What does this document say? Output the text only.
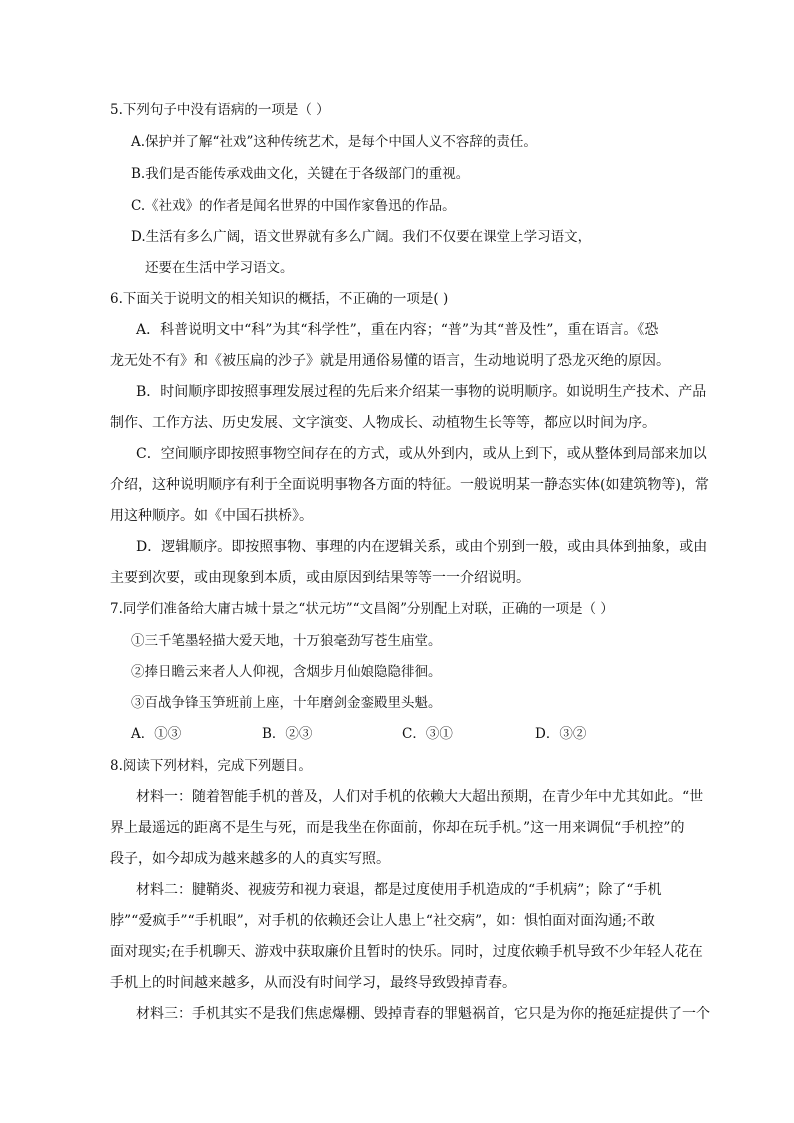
5.下列句子中没有语病的一项是（ ）
A.保护并了解“社戏”这种传统艺术，是每个中国人义不容辞的责任。
B.我们是否能传承戏曲文化，关键在于各级部门的重视。
C.《社戏》的作者是闻名世界的中国作家鲁迅的作品。
D.生活有多么广阔，语文世界就有多么广阔。我们不仅要在课堂上学习语文，
还要在生活中学习语文。
6.下面关于说明文的相关知识的概括，不正确的一项是( )
A．科普说明文中“科”为其“科学性”，重在内容；“普”为其“普及性”，重在语言。《恐
龙无处不有》和《被压扁的沙子》就是用通俗易懂的语言，生动地说明了恐龙灭绝的原因。
B．时间顺序即按照事理发展过程的先后来介绍某一事物的说明顺序。如说明生产技术、产品
制作、工作方法、历史发展、文字演变、人物成长、动植物生长等等，都应以时间为序。
C．空间顺序即按照事物空间存在的方式，或从外到内，或从上到下，或从整体到局部来加以
介绍，这种说明顺序有利于全面说明事物各方面的特征。一般说明某一静态实体(如建筑物等)，常
用这种顺序。如《中国石拱桥》。
D．逻辑顺序。即按照事物、事理的内在逻辑关系，或由个别到一般，或由具体到抽象，或由
主要到次要，或由现象到本质，或由原因到结果等等一一介绍说明。
7.同学们准备给大庸古城十景之“状元坊”“文昌阁”分别配上对联，正确的一项是（ ）
①三千笔墨轻描大爱天地，十万狼毫劲写苍生庙堂。
②捧日瞻云来者人人仰视，含烟步月仙娘隐隐徘徊。
③百战争锋玉笋班前上座，十年磨剑金銮殿里头魁。
A．①③	B．②③	C．③①	D．③②
8.阅读下列材料，完成下列题目。
材料一：随着智能手机的普及，人们对手机的依赖大大超出预期，在青少年中尤其如此。“世
界上最遥远的距离不是生与死，而是我坐在你面前，你却在玩手机。”这一用来调侃“手机控”的
段子，如今却成为越来越多的人的真实写照。
材料二：腱鞘炎、视疲劳和视力衰退，都是过度使用手机造成的“手机病”；除了“手机
脖”“爱疯手”“手机眼”，对手机的依赖还会让人患上“社交病”，如：惧怕面对面沟通;不敢
面对现实;在手机聊天、游戏中获取廉价且暂时的快乐。同时，过度依赖手机导致不少年轻人花在
手机上的时间越来越多，从而没有时间学习，最终导致毁掉青春。
材料三：手机其实不是我们焦虑爆棚、毁掉青春的罪魁祸首，它只是为你的拖延症提供了一个
